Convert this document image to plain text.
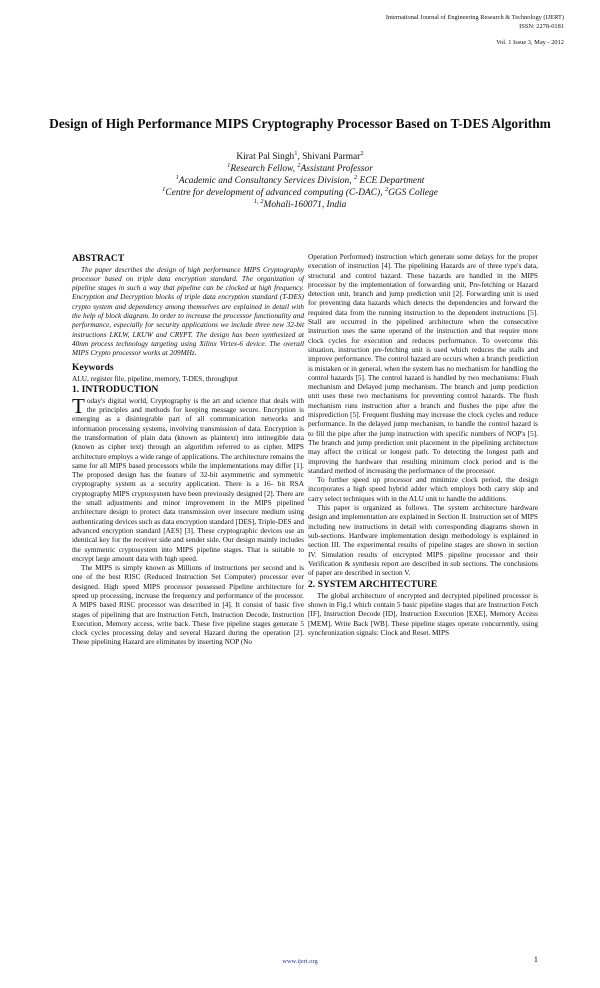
International Journal of Engineering Research & Technology (IJERT)
ISSN: 2278-0181
Vol. 1 Issue 3, May - 2012
Design of High Performance MIPS Cryptography Processor Based on T-DES Algorithm
Kirat Pal Singh$^1$, Shivani Parmar$^2$
$^1$Research Fellow, $^2$Assistant Professor
$^1$Academic and Consultancy Services Division, $^2$ ECE Department
$^1$Centre for development of advanced computing (C-DAC), $^2$GGS College
$^{1, 2}$Mohali-160071, India
ABSTRACT

The paper describes the design of high performance MIPS Cryptography processor based on triple data encryption standard. The organization of pipeline stages in such a way that pipeline can be clocked at high frequency. Encryption and Decryption blocks of triple data encryption standard (T-DES) crypto system and dependency among themselves are explained in detail with the help of block diagram. In order to increase the processor functionality and performance, especially for security applications we include three new 32-bit instructions LKLW, LKUW and CRYPT. The design has been synthesized at 40nm process technology targeting using Xilinx Virtex-6 device. The overall MIPS Crypto processor works at 209MHz.

Keywords

ALU, register file, pipeline, memory, T-DES, throughput

1. INTRODUCTION

Today's digital world, Cryptography is the art and science that deals with the principles and methods for keeping message secure. Encryption is emerging as a disintegrable part of all communication networks and information processing systems, involving transmission of data. Encryption is the transformation of plain data (known as plaintext) into intinegible data (known as cipher text) through an algorithm referred to as cipher. MIPS architecture employs a wide range of applications. The architecture remains the same for all MIPS based processors while the implementations may differ [1]. The proposed design has the feature of 32-bit asymmetric and symmetric cryptography system as a security application. There is a 16- bit RSA cryptography MIPS cryptosystem have been previously designed [2]. There are the small adjustments and minor improvement in the MIPS pipelined architecture design to protect data transmission over insecure medium using authenticating devices such as data encryption standard [DES], Triple-DES and advanced encryption standard [AES] [3]. These cryptographic devices use an identical key for the receiver side and sender side. Our design mainly includes the symmetric cryptosystem into MIPS pipeline stages. That is suitable to encrypt large amount data with high speed.

The MIPS is simply known as Millions of instructions per second and is one of the best RISC (Reduced Instruction Set Computer) processor ever designed. High speed MIPS processor possessed Pipeline architecture for speed up processing, increase the frequency and performance of the processor. A MIPS based RISC processor was described in [4]. It consist of basic five stages of pipelining that are Instruction Fetch, Instruction Decode, Instruction Execution, Memory access, write back. These five pipeline stages generate 5 clock cycles processing delay and several Hazard during the operation [2]. These pipelining Hazard are eliminates by inserting NOP (No

Operation Performed) instruction which generate some delays for the proper execution of instruction [4]. The pipelining Hazards are of three type's data, structural and control hazard. These hazards are handled in the MIPS processor by the implementation of forwarding unit, Pre-fetching or Hazard detection unit, branch and jump prediction unit [2]. Forwarding unit is used for preventing data hazards which detects the dependencies and forward the required data from the running instruction to the dependent instructions [5]. Stall are occurred in the pipelined architecture when the consecutive instruction uses the same operand of the instruction and that require more clock cycles for execution and reduces performance. To overcome this situation, instruction pre-fetching unit is used which reduces the stalls and improve performance. The control hazard are occurs when a branch prediction is mistaken or in general, when the system has no mechanism for handling the control hazards [5]. The control hazard is handled by two mechanisms: Flush mechanism and Delayed jump mechanism. The branch and jump prediction unit uses these two mechanisms for preventing control hazards. The flush mechanism runs instruction after a branch and flushes the pipe after the misprediction [5]. Frequent flushing may increase the clock cycles and reduce performance. In the delayed jump mechanism, to handle the control hazard is to fill the pipe after the jump instruction with specific numbers of NOP's [5]. The branch and jump prediction unit placement in the pipelining architecture may affect the critical or longest path. To detecting the longest path and improving the hardware that resulting minimum clock period and is the standard method of increasing the performance of the processor.

To further speed up processor and minimize clock period, the design incorporates a high speed hybrid adder which employs both carry skip and carry select techniques with in the ALU unit to handle the additions.

This paper is organized as follows. The system architecture hardware design and implementation are explained in Section II. Instruction set of MIPS including new instructions in detail with corresponding diagrams shown in sub-sections. Hardware implementation design methodology is explained in section III. The experimental results of pipeline stages are shown in section IV. Simulation results of encrypted MIPS pipeline processor and their Verification & synthesis report are described in sub sections. The conclusions of paper are described in section V.

2. SYSTEM ARCHITECTURE

The global architecture of encrypted and decrypted pipelined processor is shown in Fig.1 which contain 5 basic pipeline stages that are Instruction Fetch [IF], Instruction Decode [ID], Instruction Execution [EXE], Memory Access [MEM], Write Back [WB]. These pipeline stages operate concurrently, using synchronization signals: Clock and Reset. MIPS

www.ijert.org	1
